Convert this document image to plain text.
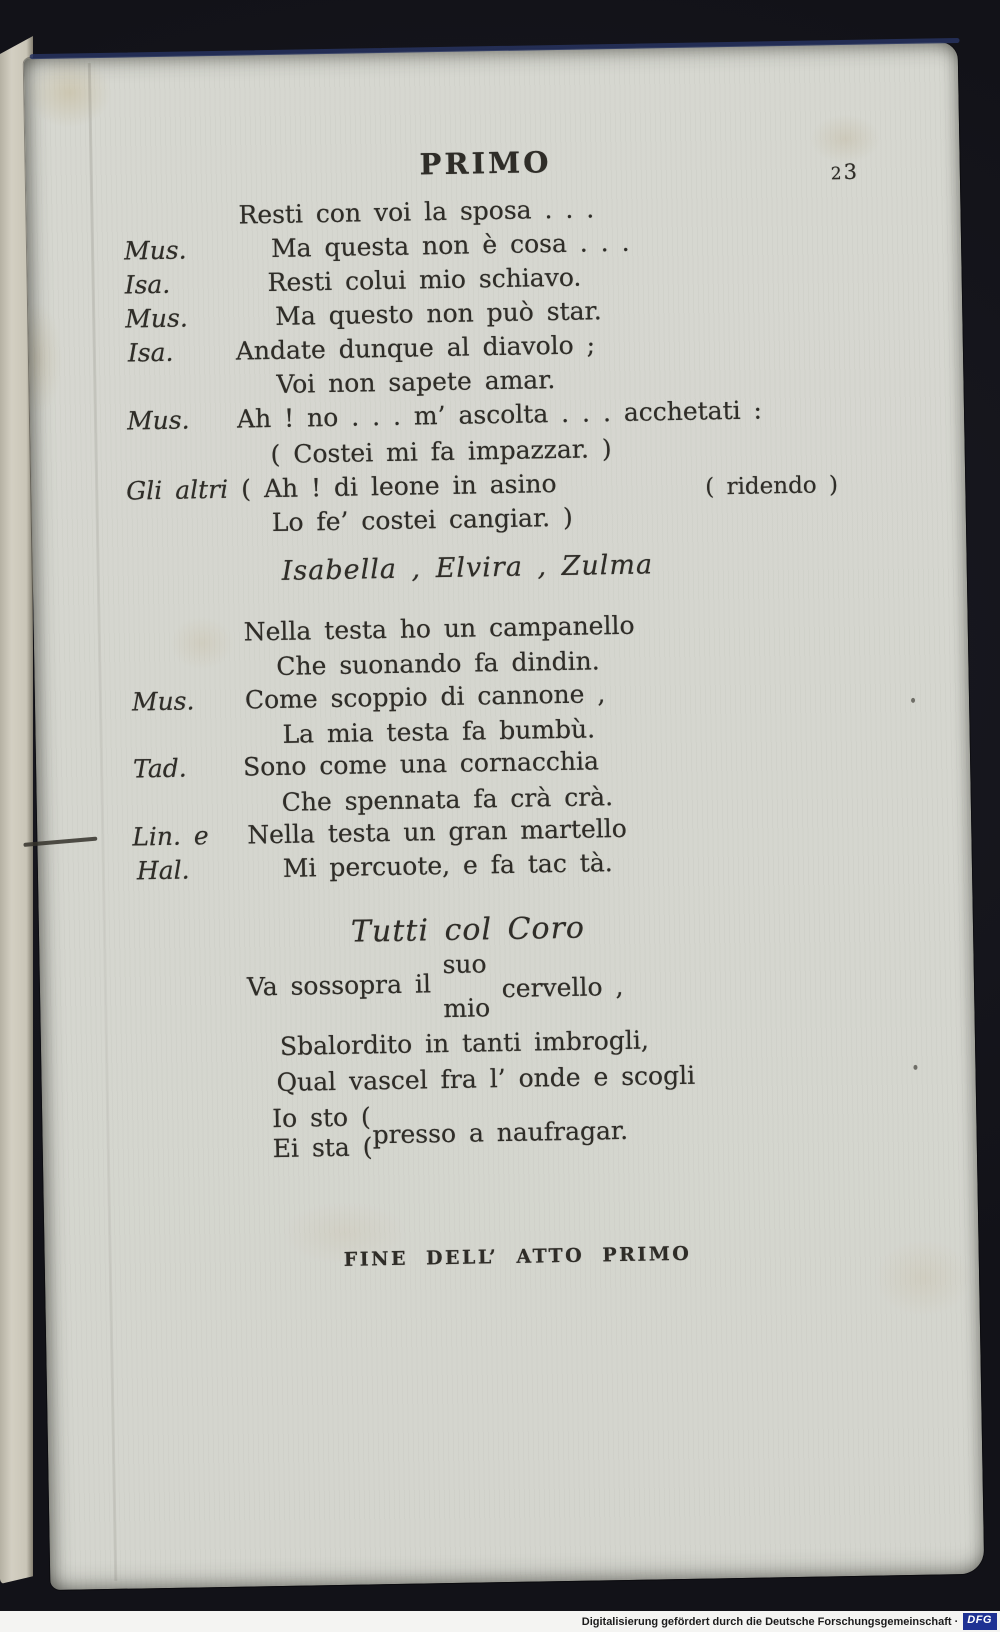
PRIMO	23
Mus.
Isa.
Mus.
Isa.
Mus.
Gli altri
Resti con voi la sposa . . .
Ma questa non è cosa . . .
Resti colui mio schiavo.
Ma questo non può star.
Andate dunque al diavolo ;
Voi non sapete amar.
Ah ! no . . . m’ ascolta . . . acchetati :
( Costei mi fa impazzar. )
( Ah ! di leone in asino
Lo fe’ costei cangiar. )
( ridendo )
Isabella , Elvira , Zulma
Mus.
Tad.
Lin. e
Hal.
Nella testa ho un campanello
Che suonando fa dindin.
Come scoppio di cannone ,
La mia testa fa bumbù.
Sono come una cornacchia
Che spennata fa crà crà.
Nella testa un gran martello
Mi percuote, e fa tac tà.
Tutti col Coro
Va sossopra il
suo
mio
cervello ,
Sbalordito in tanti imbrogli,
Qual vascel fra l’ onde e scogli
Io sto (
Ei sta ( presso a naufragar.
FINE DELL’ ATTO PRIMO
Digitalisierung gefördert durch die Deutsche Forschungsgemeinschaft · DFG
